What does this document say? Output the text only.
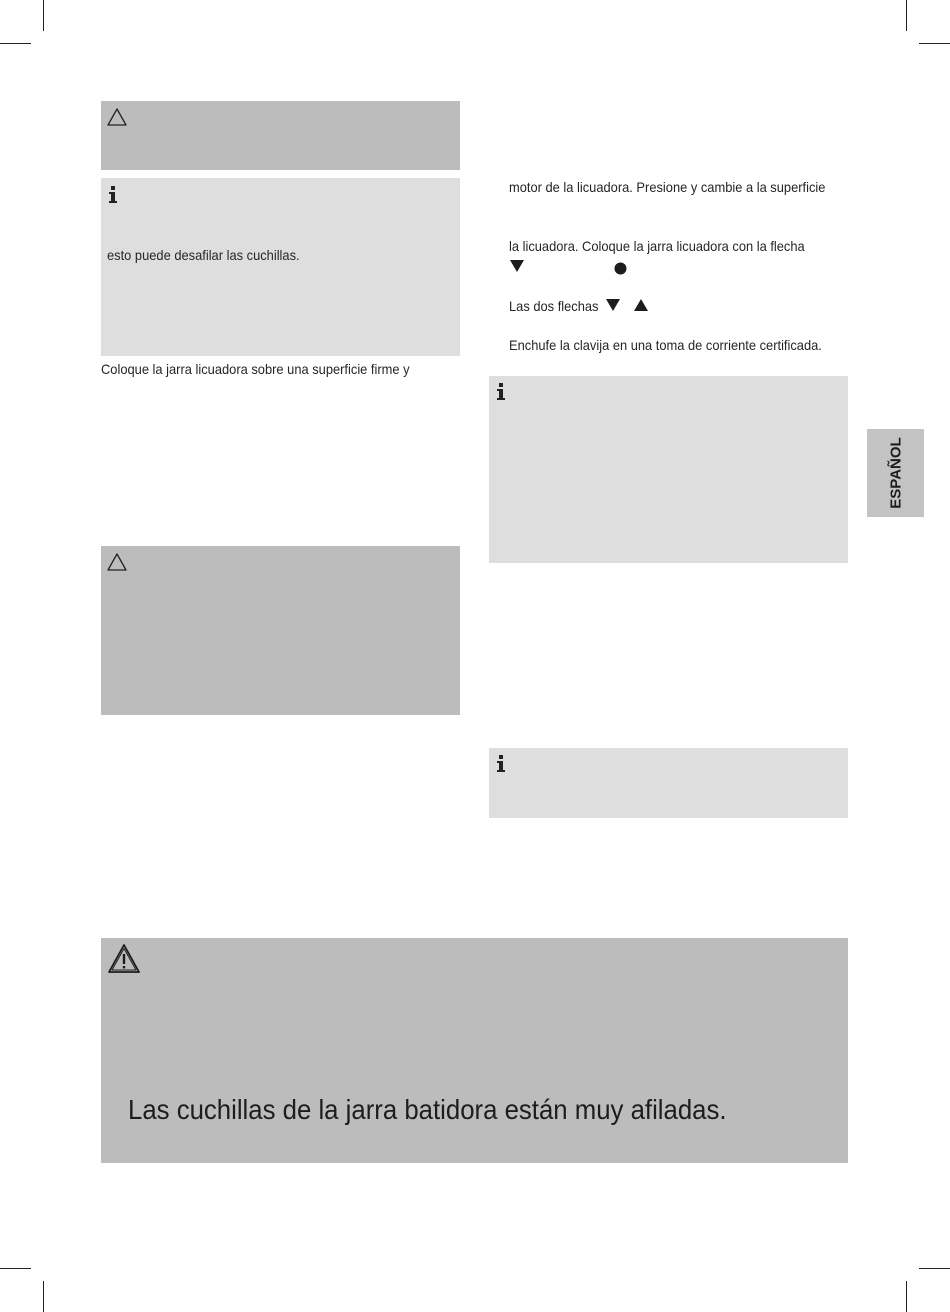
esto puede desafilar las cuchillas.
Coloque la jarra licuadora sobre una superficie firme y
motor de la licuadora. Presione y cambie a la superficie
la licuadora. Coloque la jarra licuadora con la flecha
Las dos flechas
Enchufe la clavija en una toma de corriente certificada.
ESPAÑOL
Las cuchillas de la jarra batidora están muy afiladas.
